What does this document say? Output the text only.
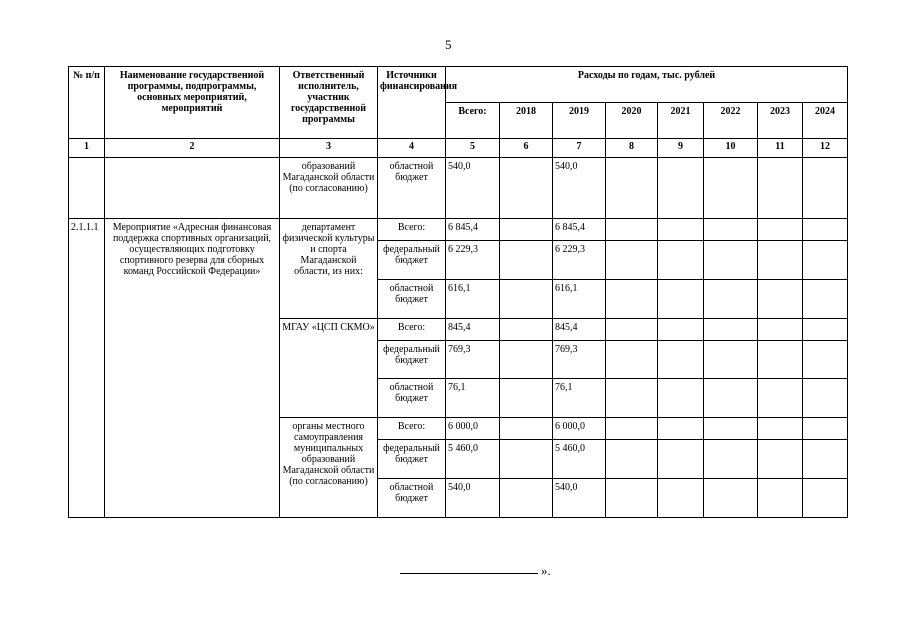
5
№ п/п	Наименование государственной программы, подпрограммы, основных мероприятий, мероприятий	Ответственный исполнитель, участник государственной программы	Источники финансирования	Расходы по годам, тыс. рублей							
				Всего:	2018	2019	2020	2021	2022	2023	2024
1	2	3	4	5	6	7	8	9	10	11	12
		образований Магаданской области (по согласованию)	областной бюджет	540,0		540,0					
2.1.1.1	Мероприятие «Адресная финансовая поддержка спортивных организаций, осуществляющих подготовку спортивного резерва для сборных команд Российской Федерации»	департамент физической культуры и спорта Магаданской области, из них:	Всего:	6 845,4		6 845,4					
			федеральный бюджет	6 229,3		6 229,3					
			областной бюджет	616,1		616,1					
		МГАУ «ЦСП СКМО»	Всего:	845,4		845,4					
			федеральный бюджет	769,3		769,3					
			областной бюджет	76,1		76,1					
		органы местного самоуправления муниципальных образований Магаданской области (по согласованию)	Всего:	6 000,0		6 000,0					
			федеральный бюджет	5 460,0		5 460,0					
			областной бюджет	540,0		540,0					
».
